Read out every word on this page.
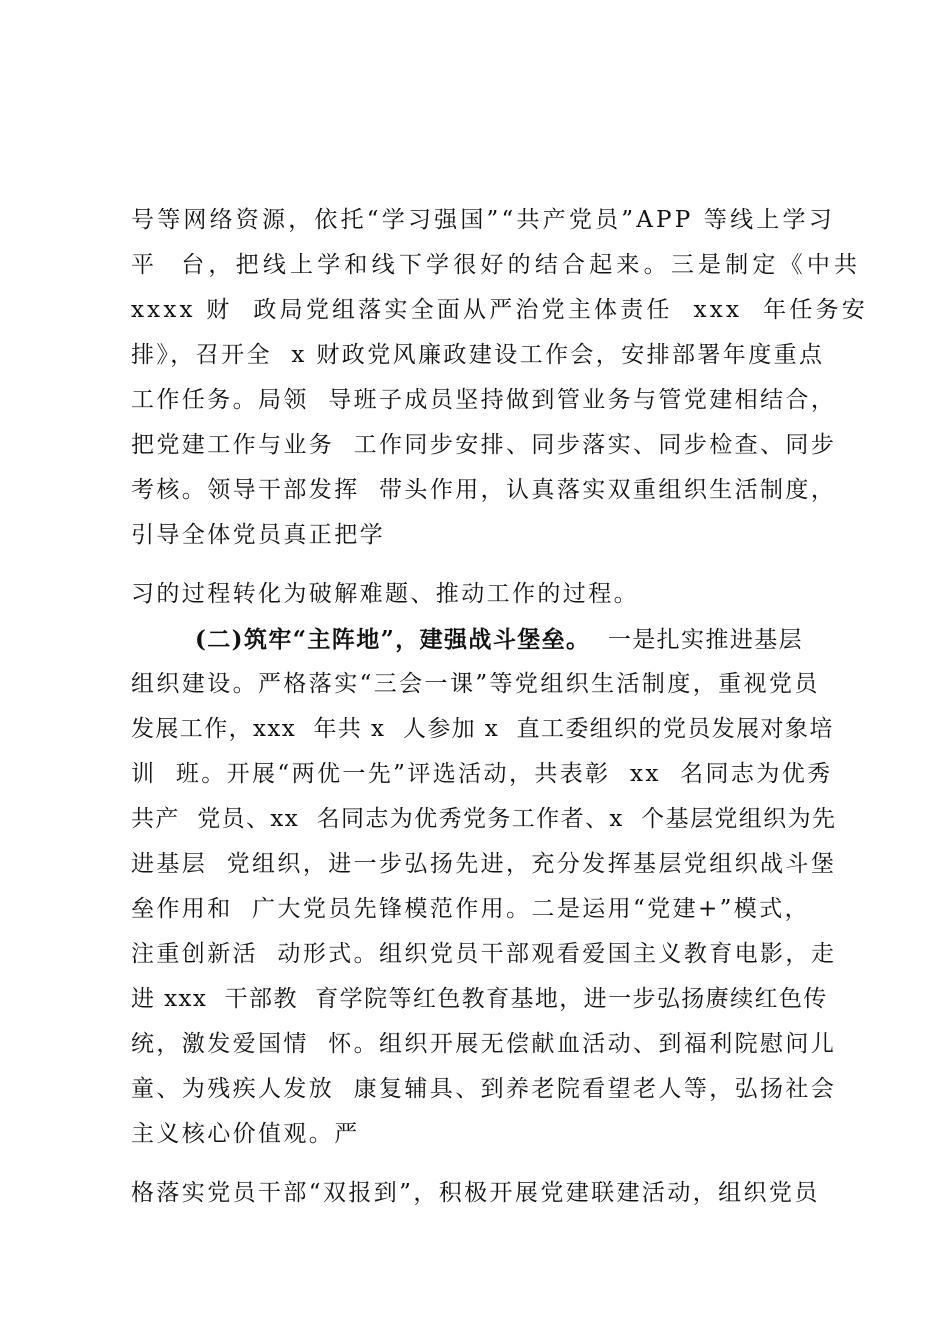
号等网络资源，依托“学习强国”“共产党员”APP 等线上学习
平  台，把线上学和线下学很好的结合起来。三是制定《中共
xxxx 财  政局党组落实全面从严治党主体责任  xxx  年任务安
排》，召开全  x 财政党风廉政建设工作会，安排部署年度重点
工作任务。局领  导班子成员坚持做到管业务与管党建相结合，
把党建工作与业务  工作同步安排、同步落实、同步检查、同步
考核。领导干部发挥  带头作用，认真落实双重组织生活制度，
引导全体党员真正把学
习的过程转化为破解难题、推动工作的过程。
(二)筑牢“主阵地”，建强战斗堡垒。  一是扎实推进基层
组织建设。严格落实“三会一课”等党组织生活制度，重视党员
发展工作，xxx  年共 x  人参加 x  直工委组织的党员发展对象培
训  班。开展“两优一先”评选活动，共表彰  xx  名同志为优秀
共产  党员、xx  名同志为优秀党务工作者、x  个基层党组织为先
进基层  党组织，进一步弘扬先进，充分发挥基层党组织战斗堡
垒作用和  广大党员先锋模范作用。二是运用“党建+”模式，
注重创新活  动形式。组织党员干部观看爱国主义教育电影，走
进 xxx  干部教  育学院等红色教育基地，进一步弘扬赓续红色传
统，激发爱国情  怀。组织开展无偿献血活动、到福利院慰问儿
童、为残疾人发放  康复辅具、到养老院看望老人等，弘扬社会
主义核心价值观。严
格落实党员干部“双报到”，积极开展党建联建活动，组织党员
